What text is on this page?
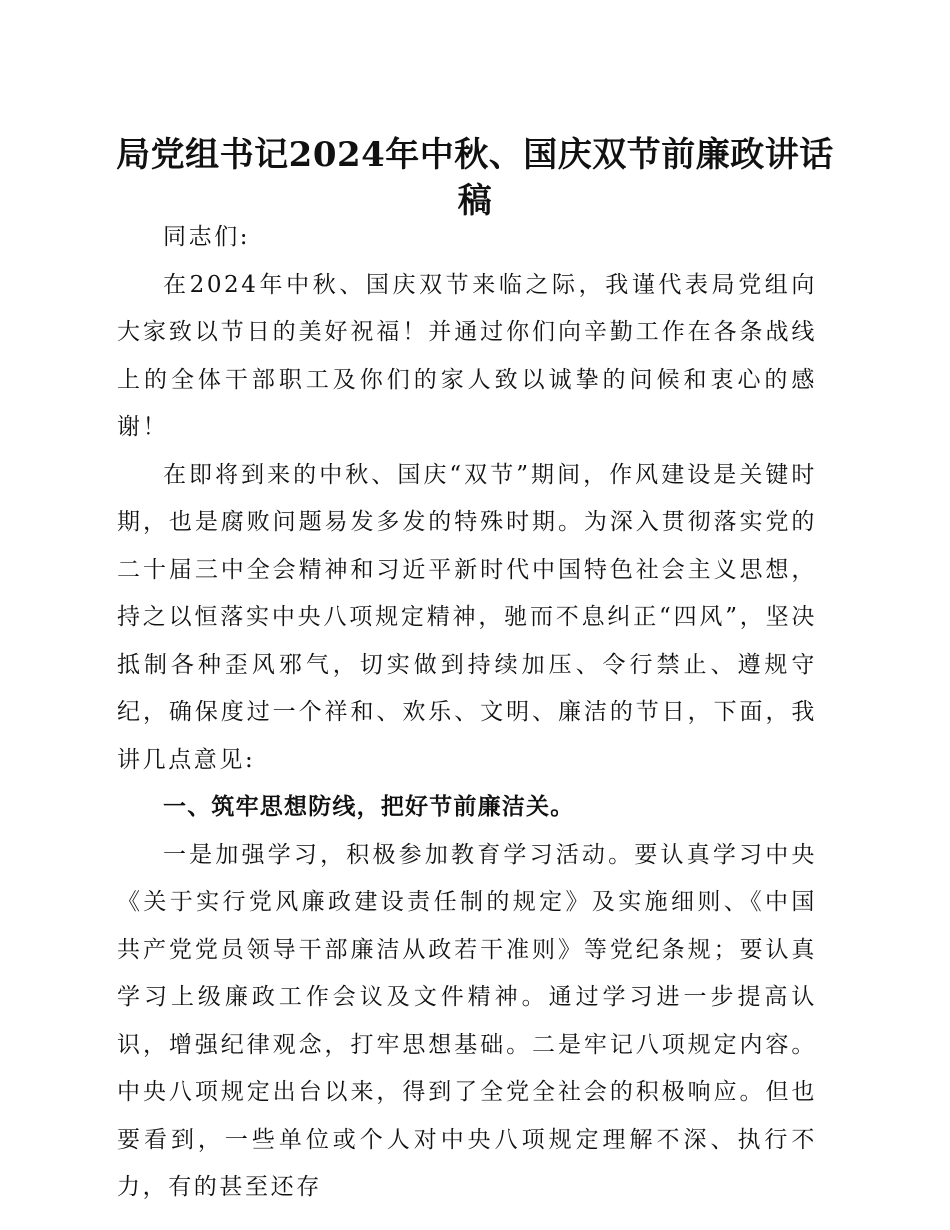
局党组书记2024年中秋、国庆双节前廉政讲话稿

同志们:

在2024年中秋、国庆双节来临之际，我谨代表局党组向大家致以节日的美好祝福！并通过你们向辛勤工作在各条战线上的全体干部职工及你们的家人致以诚挚的问候和衷心的感谢！

在即将到来的中秋、国庆“双节”期间，作风建设是关键时期，也是腐败问题易发多发的特殊时期。为深入贯彻落实党的二十届三中全会精神和习近平新时代中国特色社会主义思想，持之以恒落实中央八项规定精神，驰而不息纠正“四风”，坚决抵制各种歪风邪气，切实做到持续加压、令行禁止、遵规守纪，确保度过一个祥和、欢乐、文明、廉洁的节日，下面，我讲几点意见:

一、筑牢思想防线，把好节前廉洁关。

一是加强学习，积极参加教育学习活动。要认真学习中央《关于实行党风廉政建设责任制的规定》及实施细则、《中国共产党党员领导干部廉洁从政若干准则》等党纪条规；要认真学习上级廉政工作会议及文件精神。通过学习进一步提高认识，增强纪律观念，打牢思想基础。二是牢记八项规定内容。中央八项规定出台以来，得到了全党全社会的积极响应。但也要看到，一些单位或个人对中央八项规定理解不深、执行不力，有的甚至还存
